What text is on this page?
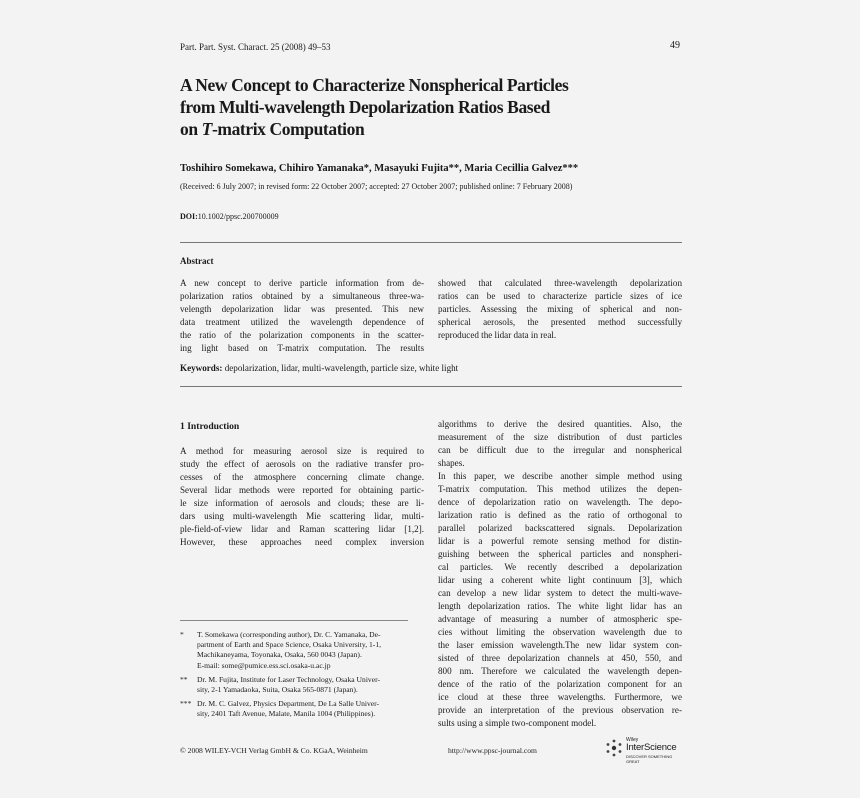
Part. Part. Syst. Charact. 25 (2008) 49–53	49
A New Concept to Characterize Nonspherical Particles
from Multi-wavelength Depolarization Ratios Based
on T-matrix Computation
Toshihiro Somekawa, Chihiro Yamanaka*, Masayuki Fujita**, Maria Cecillia Galvez***
(Received: 6 July 2007; in revised form: 22 October 2007; accepted: 27 October 2007; published online: 7 February 2008)
DOI:10.1002/ppsc.200700009
Abstract
A new concept to derive particle information from de-
polarization ratios obtained by a simultaneous three-wa-
velength depolarization lidar was presented. This new
data treatment utilized the wavelength dependence of
the ratio of the polarization components in the scatter-
ing light based on T-matrix computation. The results
showed that calculated three-wavelength depolarization
ratios can be used to characterize particle sizes of ice
particles. Assessing the mixing of spherical and non-
spherical aerosols, the presented method successfully
reproduced the lidar data in real.
Keywords: depolarization, lidar, multi-wavelength, particle size, white light
1 Introduction
A method for measuring aerosol size is required to
study the effect of aerosols on the radiative transfer pro-
cesses of the atmosphere concerning climate change.
Several lidar methods were reported for obtaining partic-
le size information of aerosols and clouds; these are li-
dars using multi-wavelength Mie scattering lidar, multi-
ple-field-of-view lidar and Raman scattering lidar [1,2].
However, these approaches need complex inversion
algorithms to derive the desired quantities. Also, the
measurement of the size distribution of dust particles
can be difficult due to the irregular and nonspherical
shapes.
In this paper, we describe another simple method using
T-matrix computation. This method utilizes the depen-
dence of depolarization ratio on wavelength. The depo-
larization ratio is defined as the ratio of orthogonal to
parallel polarized backscattered signals. Depolarization
lidar is a powerful remote sensing method for distin-
guishing between the spherical particles and nonspheri-
cal particles. We recently described a depolarization
lidar using a coherent white light continuum [3], which
can develop a new lidar system to detect the multi-wave-
length depolarization ratios. The white light lidar has an
advantage of measuring a number of atmospheric spe-
cies without limiting the observation wavelength due to
the laser emission wavelength.The new lidar system con-
sisted of three depolarization channels at 450, 550, and
800 nm. Therefore we calculated the wavelength depen-
dence of the ratio of the polarization component for an
ice cloud at these three wavelengths. Furthermore, we
provide an interpretation of the previous observation re-
sults using a simple two-component model.
* T. Somekawa (corresponding author), Dr. C. Yamanaka, De-
partment of Earth and Space Science, Osaka University, 1-1,
Machikaneyama, Toyonaka, Osaka, 560 0043 (Japan).
E-mail: some@pumice.ess.sci.osaka-u.ac.jp
** Dr. M. Fujita, Institute for Laser Technology, Osaka Univer-
sity, 2-1 Yamadaoka, Suita, Osaka 565-0871 (Japan).
*** Dr. M. C. Galvez, Physics Department, De La Salle Univer-
sity, 2401 Taft Avenue, Malate, Manila 1004 (Philippines).
© 2008 WILEY-VCH Verlag GmbH & Co. KGaA, Weinheim	http://www.ppsc-journal.com
Wiley
InterScience
DISCOVER SOMETHING GREAT
